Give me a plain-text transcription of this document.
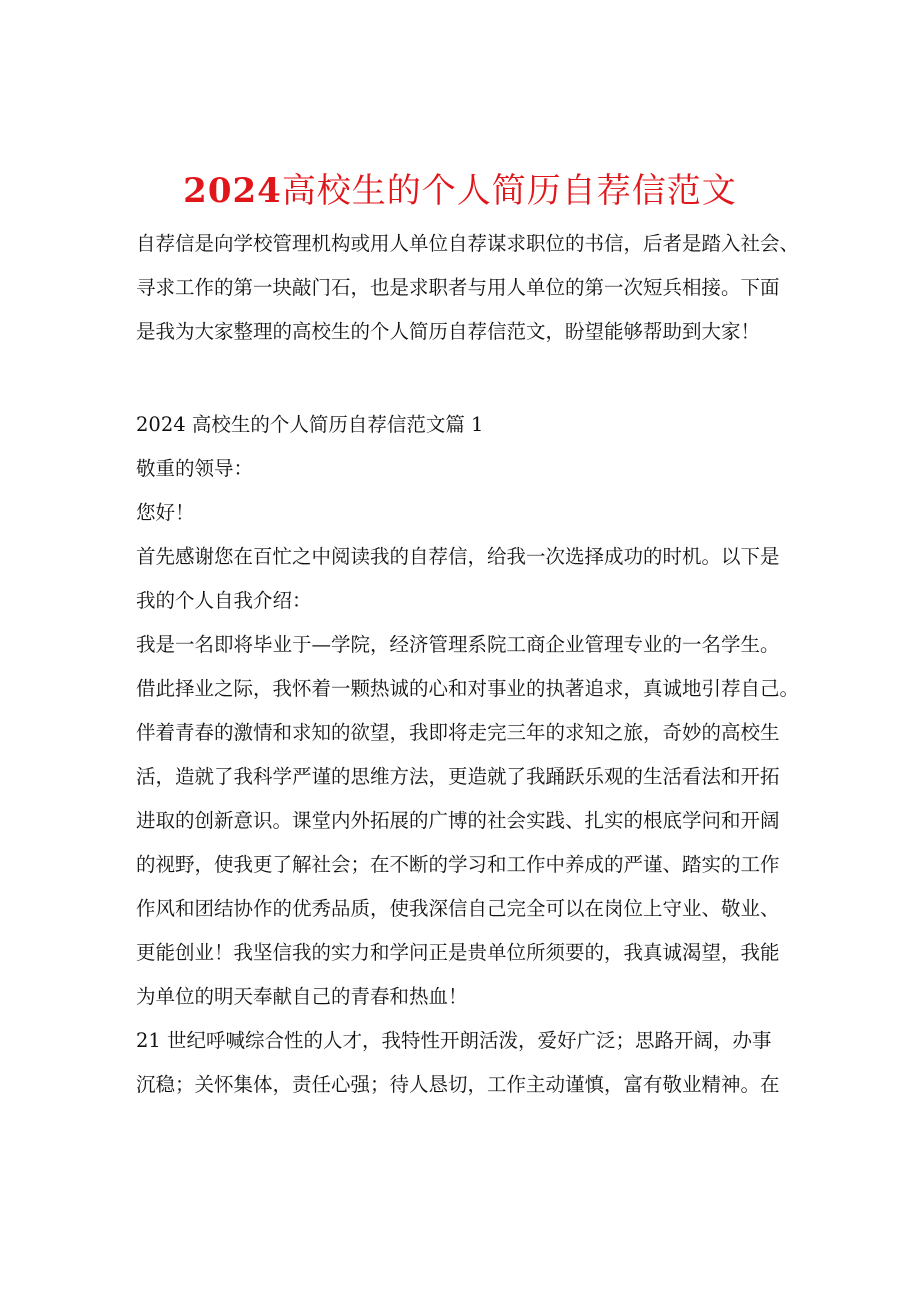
2024高校生的个人简历自荐信范文
自荐信是向学校管理机构或用人单位自荐谋求职位的书信，后者是踏入社会、
寻求工作的第一块敲门石，也是求职者与用人单位的第一次短兵相接。下面
是我为大家整理的高校生的个人简历自荐信范文，盼望能够帮助到大家！
2024 高校生的个人简历自荐信范文篇 1
敬重的领导：
您好！
首先感谢您在百忙之中阅读我的自荐信，给我一次选择成功的时机。以下是
我的个人自我介绍：
我是一名即将毕业于—学院，经济管理系院工商企业管理专业的一名学生。
借此择业之际，我怀着一颗热诚的心和对事业的执著追求，真诚地引荐自己。
伴着青春的激情和求知的欲望，我即将走完三年的求知之旅，奇妙的高校生
活，造就了我科学严谨的思维方法，更造就了我踊跃乐观的生活看法和开拓
进取的创新意识。课堂内外拓展的广博的社会实践、扎实的根底学问和开阔
的视野，使我更了解社会；在不断的学习和工作中养成的严谨、踏实的工作
作风和团结协作的优秀品质，使我深信自己完全可以在岗位上守业、敬业、
更能创业！我坚信我的实力和学问正是贵单位所须要的，我真诚渴望，我能
为单位的明天奉献自己的青春和热血！
21 世纪呼喊综合性的人才，我特性开朗活泼，爱好广泛；思路开阔，办事
沉稳；关怀集体，责任心强；待人恳切，工作主动谨慎，富有敬业精神。在
